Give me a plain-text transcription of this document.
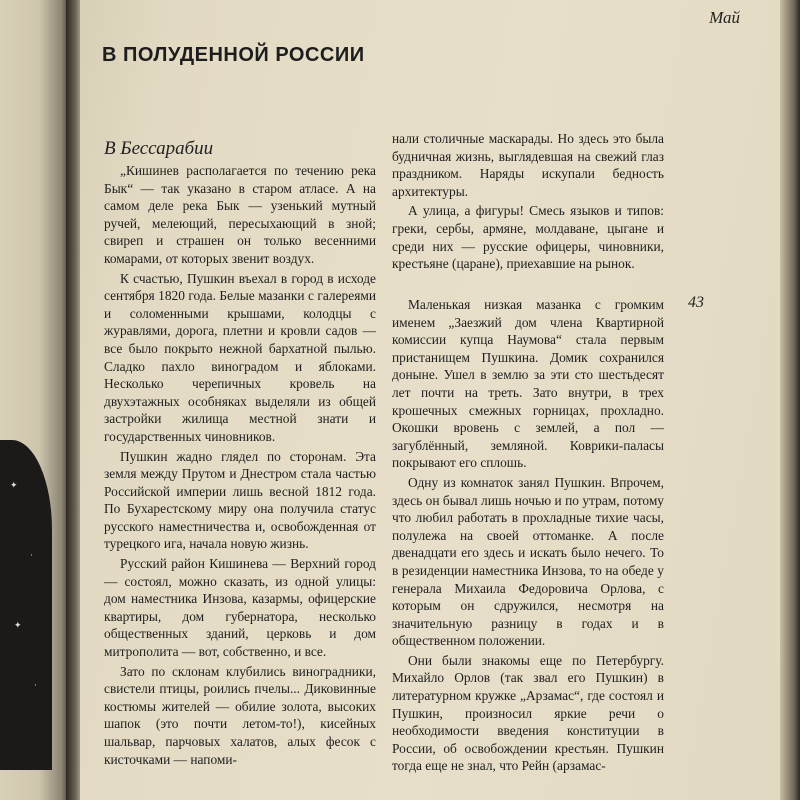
✦
·
✦
·
Май
В ПОЛУДЕННОЙ РОССИИ
В Бессарабии
43

„Кишинев располагается по течению река Бык“ — так указано в старом атласе. А на самом деле река Бык — узенький мутный ручей, мелеющий, пересыхающий в зной; свиреп и страшен он только весенними комарами, от которых звенит воздух.

К счастью, Пушкин въехал в город в исходе сентября 1820 года. Белые мазанки с галереями и соломенными крышами, колодцы с журавлями, дорога, плетни и кровли садов — все было покрыто нежной бархатной пылью. Сладко пахло виноградом и яблоками. Несколько черепичных кровель на двухэтажных особняках выделяли из общей застройки жилища местной знати и государственных чиновников.

Пушкин жадно глядел по сторонам. Эта земля между Прутом и Днестром стала частью Российской империи лишь весной 1812 года. По Бухарестскому миру она получила статус русского наместничества и, освобожденная от турецкого ига, начала новую жизнь.

Русский район Кишинева — Верхний город — состоял, можно сказать, из одной улицы: дом наместника Инзова, казармы, офицерские квартиры, дом губернатора, несколько общественных зданий, церковь и дом митрополита — вот, собственно, и все.

Зато по склонам клубились виноградники, свистели птицы, роились пчелы... Диковинные костюмы жителей — обилие золота, высоких шапок (это почти летом-то!), кисейных шальвар, парчовых халатов, алых фесок с кисточками — напоми-

нали столичные маскарады. Но здесь это была будничная жизнь, выглядевшая на свежий глаз праздником. Наряды искупали бедность архитектуры.

А улица, а фигуры! Смесь языков и типов: греки, сербы, армяне, молдаване, цыгане и среди них — русские офицеры, чиновники, крестьяне (царане), приехавшие на рынок.

Маленькая низкая мазанка с громким именем „Заезжий дом члена Квартирной комиссии купца Наумова“ стала первым пристанищем Пушкина. Домик сохранился доныне. Ушел в землю за эти сто шестьдесят лет почти на треть. Зато внутри, в трех крошечных смежных горницах, прохладно. Окошки вровень с землей, а пол — загублённый, земляной. Коврики-паласы покрывают его сплошь.

Одну из комнаток занял Пушкин. Впрочем, здесь он бывал лишь ночью и по утрам, потому что любил работать в прохладные тихие часы, полулежа на своей оттоманке. А после двенадцати его здесь и искать было нечего. То в резиденции наместника Инзова, то на обеде у генерала Михаила Федоровича Орлова, с которым он сдружился, несмотря на значительную разницу в годах и в общественном положении.

Они были знакомы еще по Петербургу. Михайло Орлов (так звал его Пушкин) в литературном кружке „Арзамас“, где состоял и Пушкин, произносил яркие речи о необходимости введения конституции в России, об освобождении крестьян. Пушкин тогда еще не знал, что Рейн (арзамас-
